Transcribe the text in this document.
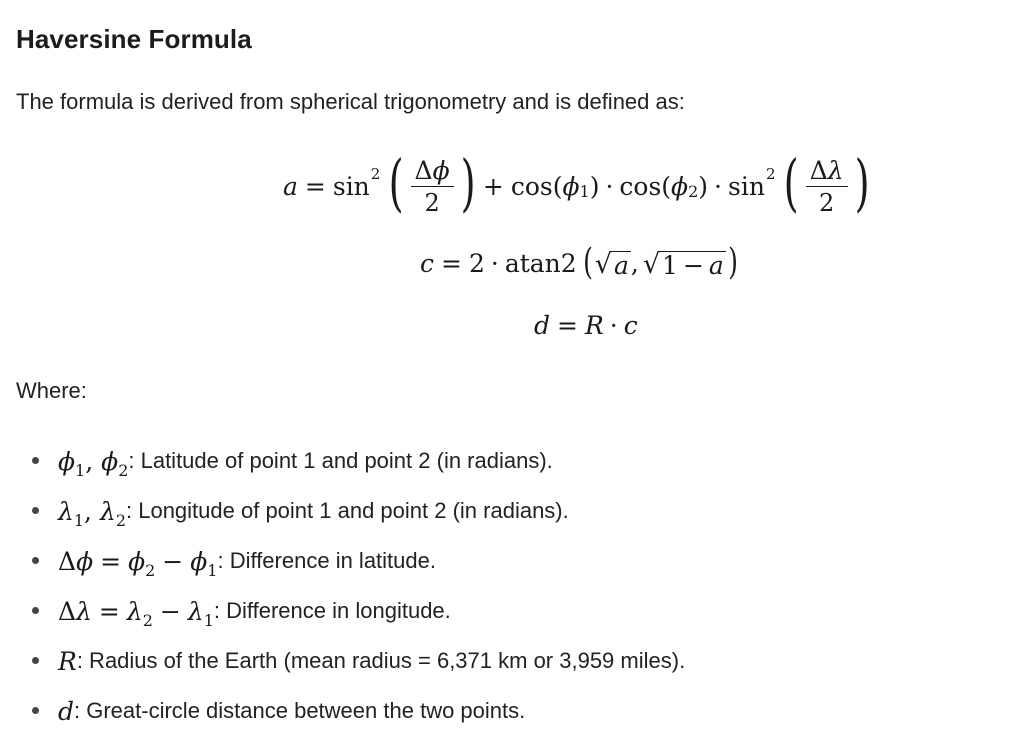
Haversine Formula
The formula is derived from spherical trigonometry and is defined as:
a = sin 2 ( $\frac{\Delta\phi}{2}$ ) + cos( ϕ 1 ) · cos( ϕ 2 ) · sin 2 ( $\frac{\Delta\lambda}{2}$ )
c = 2 · atan2 ( √ a , √ 1 − a )
d = R · c
Where:
$\phi_1$, $\phi_2$ : Latitude of point 1 and point 2 (in radians).
$\lambda_1$, $\lambda_2$ : Longitude of point 1 and point 2 (in radians).
$\Delta\phi = \phi_2 - \phi_1$ : Difference in latitude.
$\Delta\lambda = \lambda_2 - \lambda_1$ : Difference in longitude.
R : Radius of the Earth (mean radius = 6,371 km or 3,959 miles).
d : Great-circle distance between the two points.
